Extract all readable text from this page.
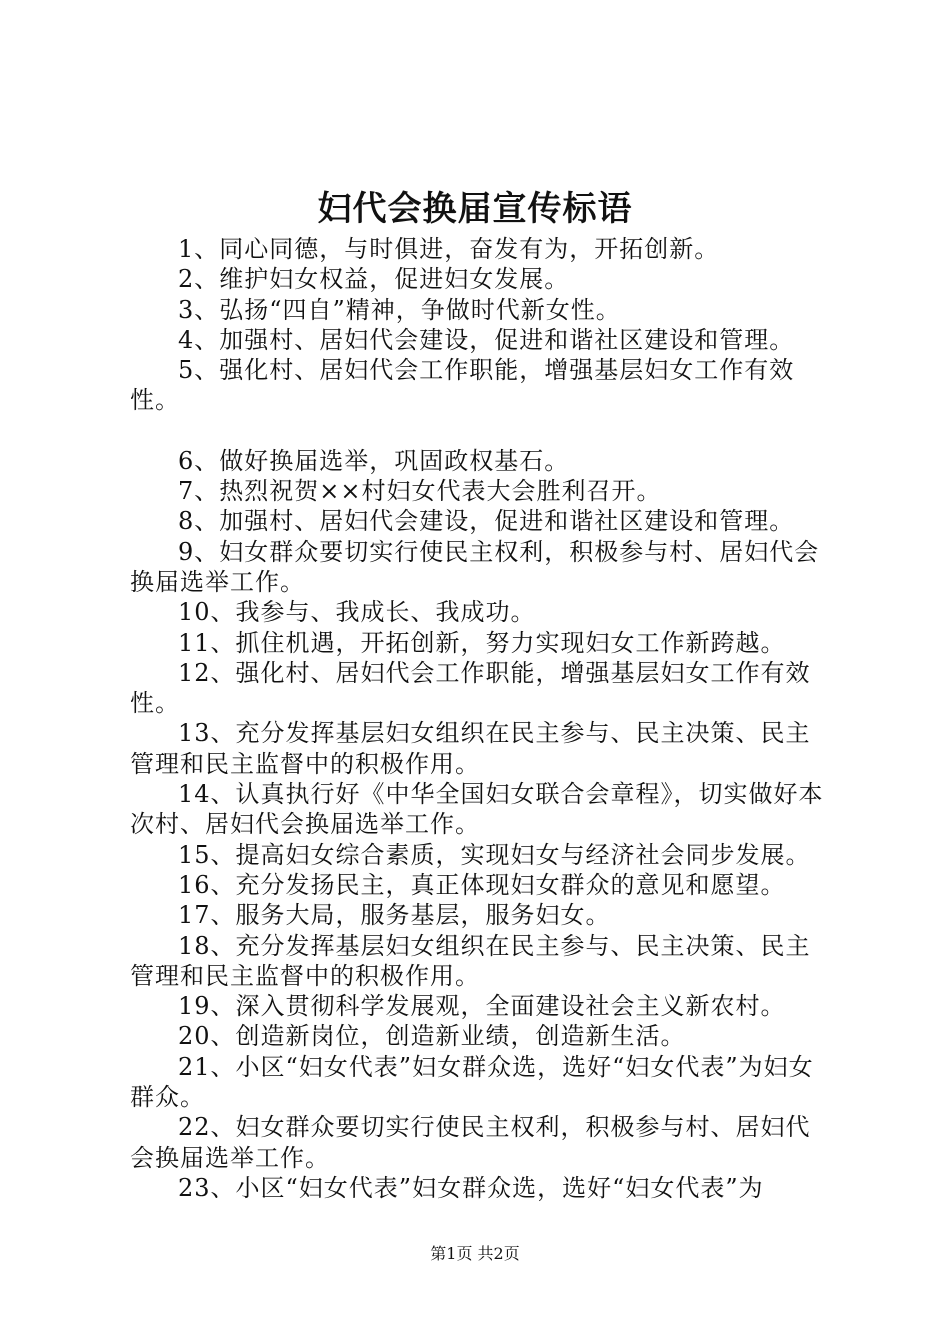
妇代会换届宣传标语

1、同心同德，与时俱进，奋发有为，开拓创新。

2、维护妇女权益，促进妇女发展。

3、弘扬“四自”精神，争做时代新女性。

4、加强村、居妇代会建设，促进和谐社区建设和管理。

5、强化村、居妇代会工作职能，增强基层妇女工作有效性。

6、做好换届选举，巩固政权基石。

7、热烈祝贺××村妇女代表大会胜利召开。

8、加强村、居妇代会建设，促进和谐社区建设和管理。

9、妇女群众要切实行使民主权利，积极参与村、居妇代会换届选举工作。

10、我参与、我成长、我成功。

11、抓住机遇，开拓创新，努力实现妇女工作新跨越。

12、强化村、居妇代会工作职能，增强基层妇女工作有效性。

13、充分发挥基层妇女组织在民主参与、民主决策、民主管理和民主监督中的积极作用。

14、认真执行好《中华全国妇女联合会章程》，切实做好本次村、居妇代会换届选举工作。

15、提高妇女综合素质，实现妇女与经济社会同步发展。

16、充分发扬民主，真正体现妇女群众的意见和愿望。

17、服务大局，服务基层，服务妇女。

18、充分发挥基层妇女组织在民主参与、民主决策、民主管理和民主监督中的积极作用。

19、深入贯彻科学发展观，全面建设社会主义新农村。

20、创造新岗位，创造新业绩，创造新生活。

21、小区“妇女代表”妇女群众选，选好“妇女代表”为妇女群众。

22、妇女群众要切实行使民主权利，积极参与村、居妇代会换届选举工作。

23、小区“妇女代表”妇女群众选，选好“妇女代表”为

第1页 共2页
